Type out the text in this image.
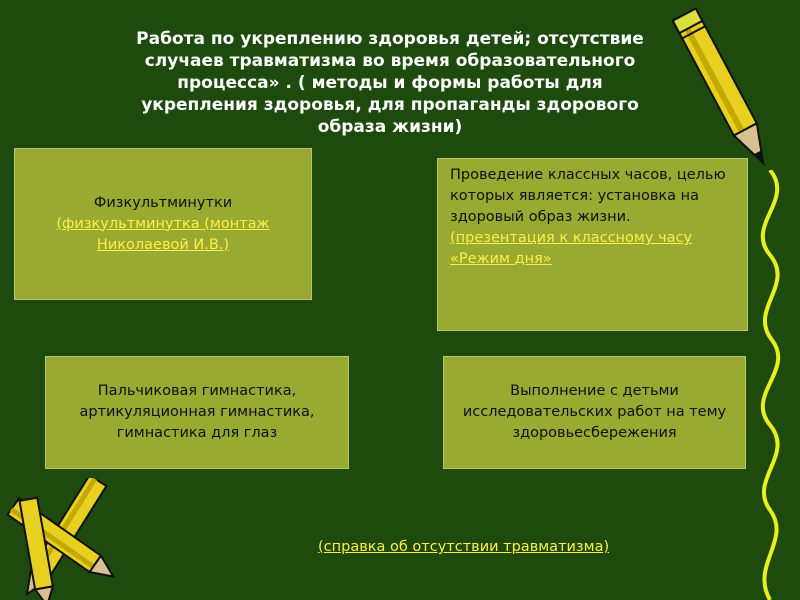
Работа по укреплению здоровья детей; отсутствие
случаев травматизма во время образовательного
процесса» . ( методы и формы работы для
укрепления здоровья, для пропаганды здорового
образа жизни)
Физкультминутки
(физкультминутка (монтаж Николаевой И.В.)
Проведение классных часов, целью которых является: установка на здоровый образ жизни.
(презентация к классному часу «Режим дня»
Пальчиковая гимнастика, артикуляционная гимнастика, гимнастика для глаз
Выполнение с детьми исследовательских работ на тему здоровьесбережения
(справка об отсутствии травматизма)
